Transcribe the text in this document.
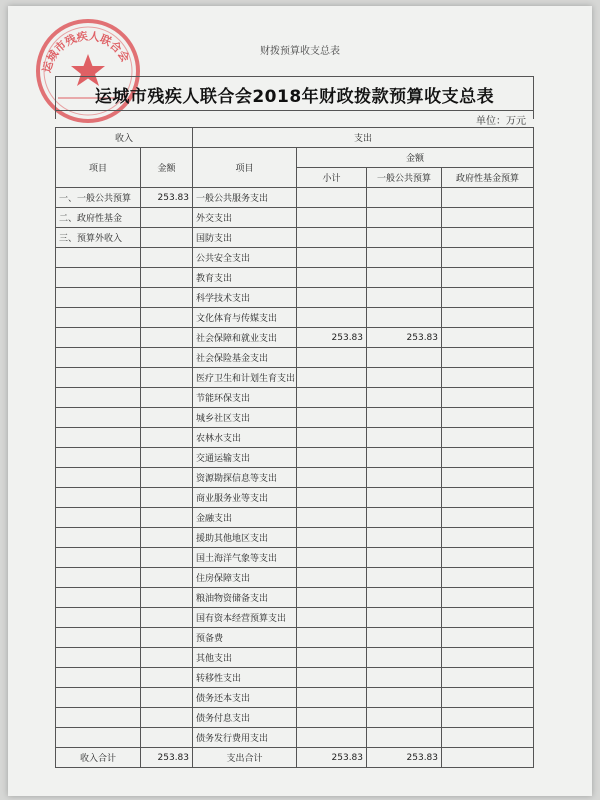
财拨预算收支总表
运城市残疾人联合会
运城市残疾人联合会2018年财政拨款预算收支总表
单位：万元
收入		支出			
项目	金额	项目	金额		
			小计	一般公共预算	政府性基金预算
一、一般公共预算	253.83	一般公共服务支出			
二、政府性基金		外交支出			
三、预算外收入		国防支出			
		公共安全支出			
		教育支出			
		科学技术支出			
		文化体育与传媒支出			
		社会保障和就业支出	253.83	253.83	
		社会保险基金支出			
		医疗卫生和计划生育支出			
		节能环保支出			
		城乡社区支出			
		农林水支出			
		交通运输支出			
		资源勘探信息等支出			
		商业服务业等支出			
		金融支出			
		援助其他地区支出			
		国土海洋气象等支出			
		住房保障支出			
		粮油物资储备支出			
		国有资本经营预算支出			
		预备费			
		其他支出			
		转移性支出			
		债务还本支出			
		债务付息支出			
		债务发行费用支出			
收入合计	253.83	支出合计	253.83	253.83	
